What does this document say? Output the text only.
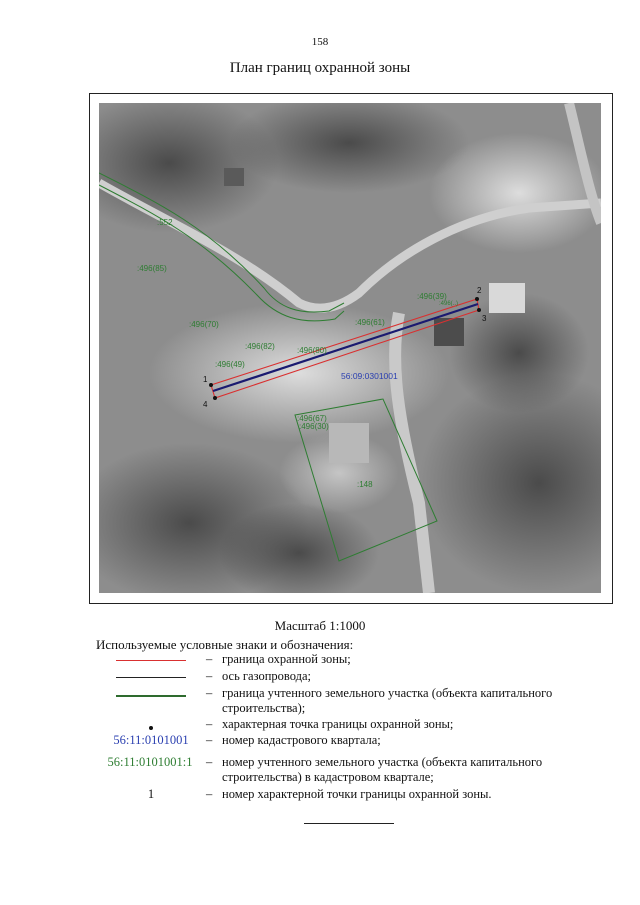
158
План границ охранной зоны
:552
:496(85)
:496(70)
:496(82)
:496(49)
:496(80)
:496(61)
:496(39)
:496(..)
:496(67)
:496(30)
:148
56:09:0301001
1
2
3
4
Масштаб 1:1000
Используемые условные знаки и обозначения:
– граница охранной зоны;
– ось газопровода;
– граница учтенного земельного участка (объекта капитального строительства);
– характерная точка границы охранной зоны;
56:11:0101001 – номер кадастрового квартала;
56:11:0101001:1	– номер учтенного земельного участка (объекта капитального строительства) в кадастровом квартале;
1	– номер характерной точки границы охранной зоны.
